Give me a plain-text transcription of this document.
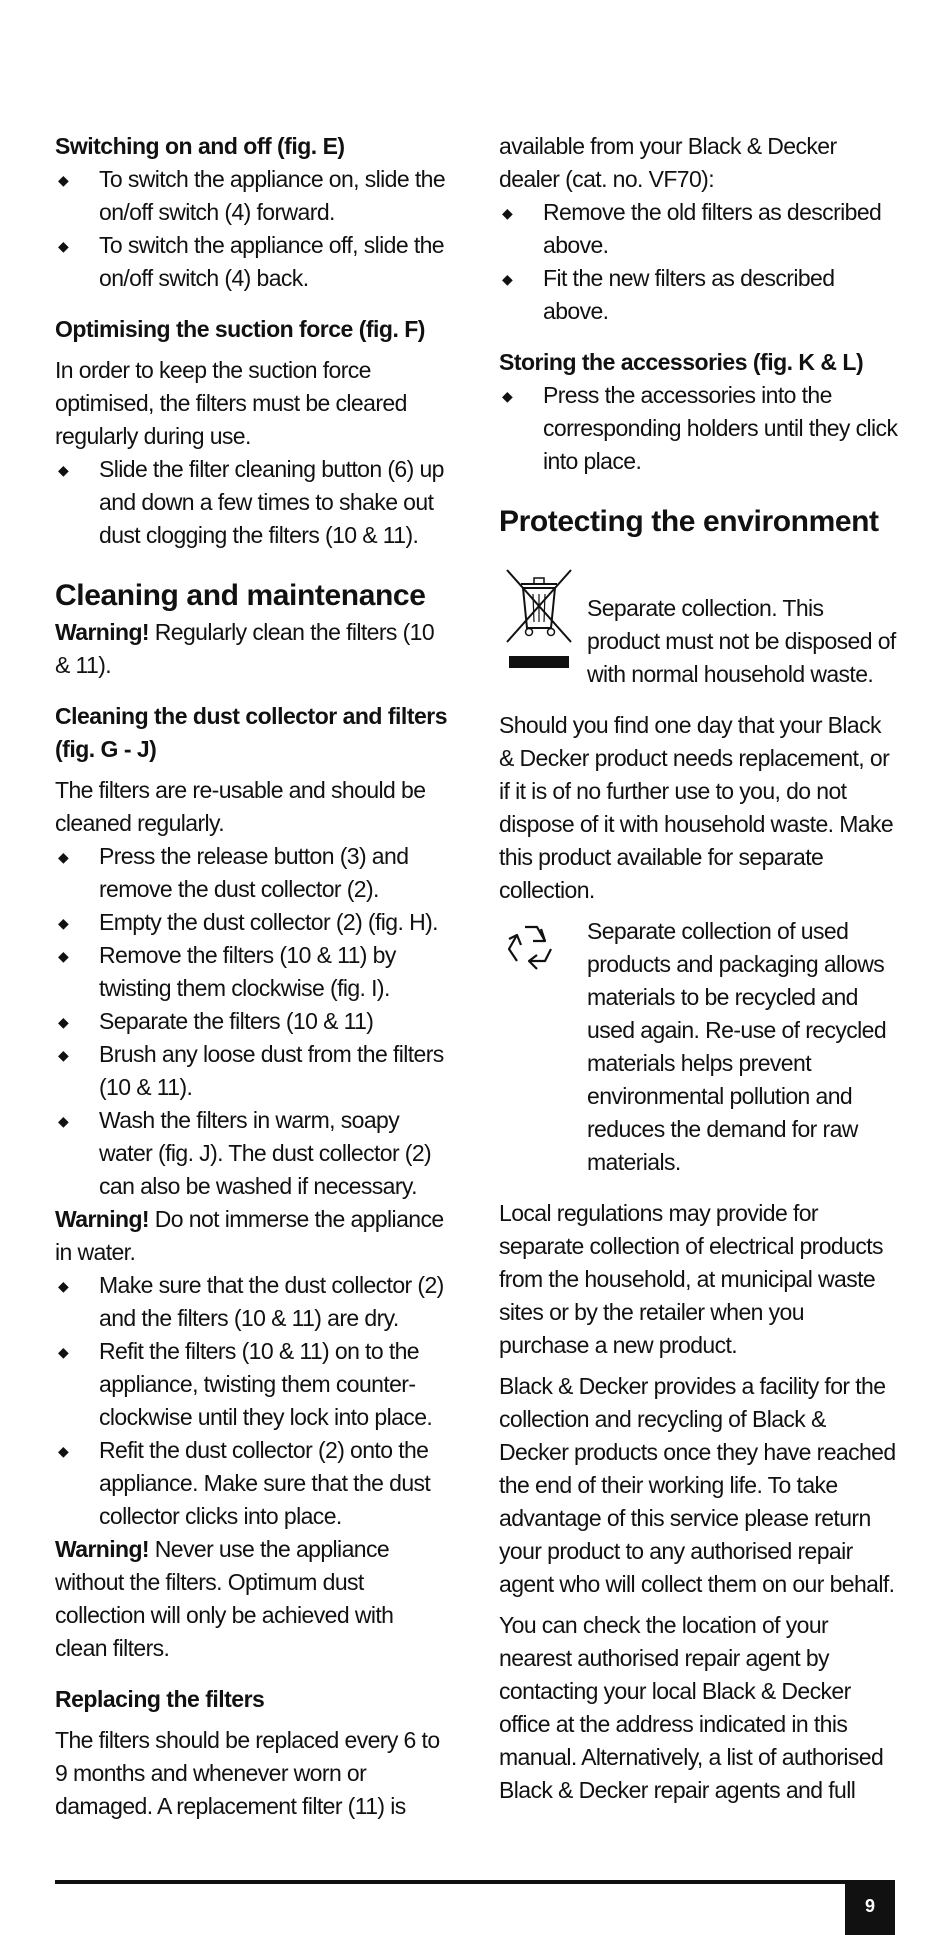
Switching on and off (fig. E)
◆ To switch the appliance on, slide the on/off switch (4) forward.
◆ To switch the appliance off, slide the on/off switch (4) back.
Optimising the suction force (fig. F)

In order to keep the suction force optimised, the filters must be cleared regularly during use.

◆ Slide the filter cleaning button (6) up and down a few times to shake out dust clogging the filters (10 & 11).
Cleaning and maintenance

Warning! Regularly clean the filters (10 & 11).

Cleaning the dust collector and filters (fig. G - J)

The filters are re-usable and should be cleaned regularly.

◆ Press the release button (3) and remove the dust collector (2).
◆ Empty the dust collector (2) (fig. H).
◆ Remove the filters (10 & 11) by twisting them clockwise (fig. I).
◆ Separate the filters (10 & 11)
◆ Brush any loose dust from the filters (10 & 11).
◆ Wash the filters in warm, soapy water (fig. J). The dust collector (2) can also be washed if necessary.

Warning! Do not immerse the appliance in water.

◆ Make sure that the dust collector (2) and the filters (10 & 11) are dry.
◆ Refit the filters (10 & 11) on to the appliance, twisting them counter-clockwise until they lock into place.
◆ Refit the dust collector (2) onto the appliance. Make sure that the dust collector clicks into place.

Warning! Never use the appliance without the filters. Optimum dust collection will only be achieved with clean filters.

Replacing the filters

The filters should be replaced every 6 to 9 months and whenever worn or damaged. A replacement filter (11) is

available from your Black & Decker dealer (cat. no. VF70):

◆ Remove the old filters as described above.
◆ Fit the new filters as described above.
Storing the accessories (fig. K & L)
◆ Press the accessories into the corresponding holders until they click into place.
Protecting the environment

Separate collection. This product must not be disposed of with normal household waste.

Should you find one day that your Black & Decker product needs replacement, or if it is of no further use to you, do not dispose of it with household waste. Make this product available for separate collection.

Separate collection of used products and packaging allows materials to be recycled and used again. Re-use of recycled materials helps prevent environmental pollution and reduces the demand for raw materials.

Local regulations may provide for separate collection of electrical products from the household, at municipal waste sites or by the retailer when you purchase a new product.

Black & Decker provides a facility for the collection and recycling of Black & Decker products once they have reached the end of their working life. To take advantage of this service please return your product to any authorised repair agent who will collect them on our behalf.

You can check the location of your nearest authorised repair agent by contacting your local Black & Decker office at the address indicated in this manual. Alternatively, a list of authorised Black & Decker repair agents and full

9
